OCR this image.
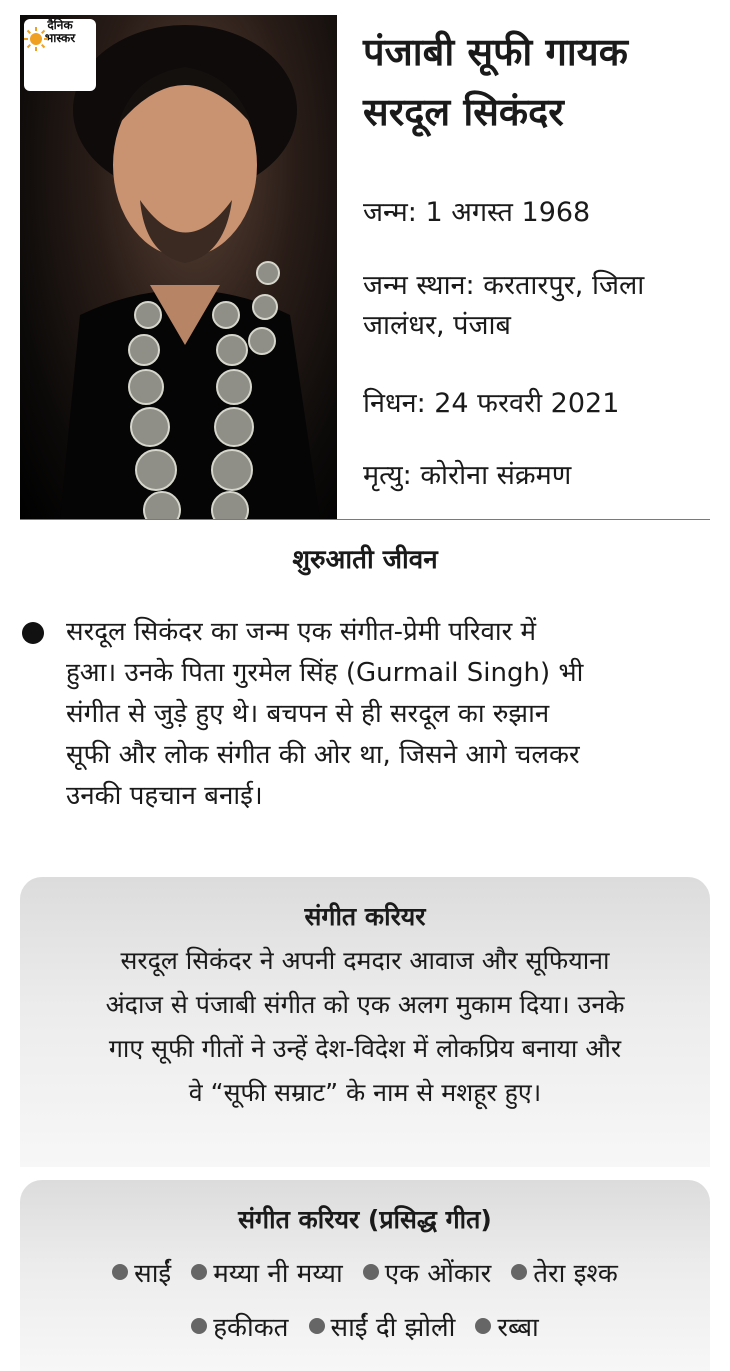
दैनिक
भास्कर	पंजाबी सूफी गायक
सरदूल सिकंदर
जन्म: 1 अगस्त 1968
जन्म स्थान: करतारपुर, जिला
जालंधर, पंजाब
निधन: 24 फरवरी 2021
मृत्यु: कोरोना संक्रमण
शुरुआती जीवन
सरदूल सिकंदर का जन्म एक संगीत-प्रेमी परिवार में
हुआ। उनके पिता गुरमेल सिंह (Gurmail Singh) भी
संगीत से जुड़े हुए थे। बचपन से ही सरदूल का रुझान
सूफी और लोक संगीत की ओर था, जिसने आगे चलकर
उनकी पहचान बनाई।
संगीत करियर
सरदूल सिकंदर ने अपनी दमदार आवाज और सूफियाना
अंदाज से पंजाबी संगीत को एक अलग मुकाम दिया। उनके
गाए सूफी गीतों ने उन्हें देश-विदेश में लोकप्रिय बनाया और
वे “सूफी सम्राट” के नाम से मशहूर हुए।
संगीत करियर (प्रसिद्ध गीत)
साईं मय्या नी मय्या एक ओंकार तेरा इश्क
हकीकत साईं दी झोली रब्बा
